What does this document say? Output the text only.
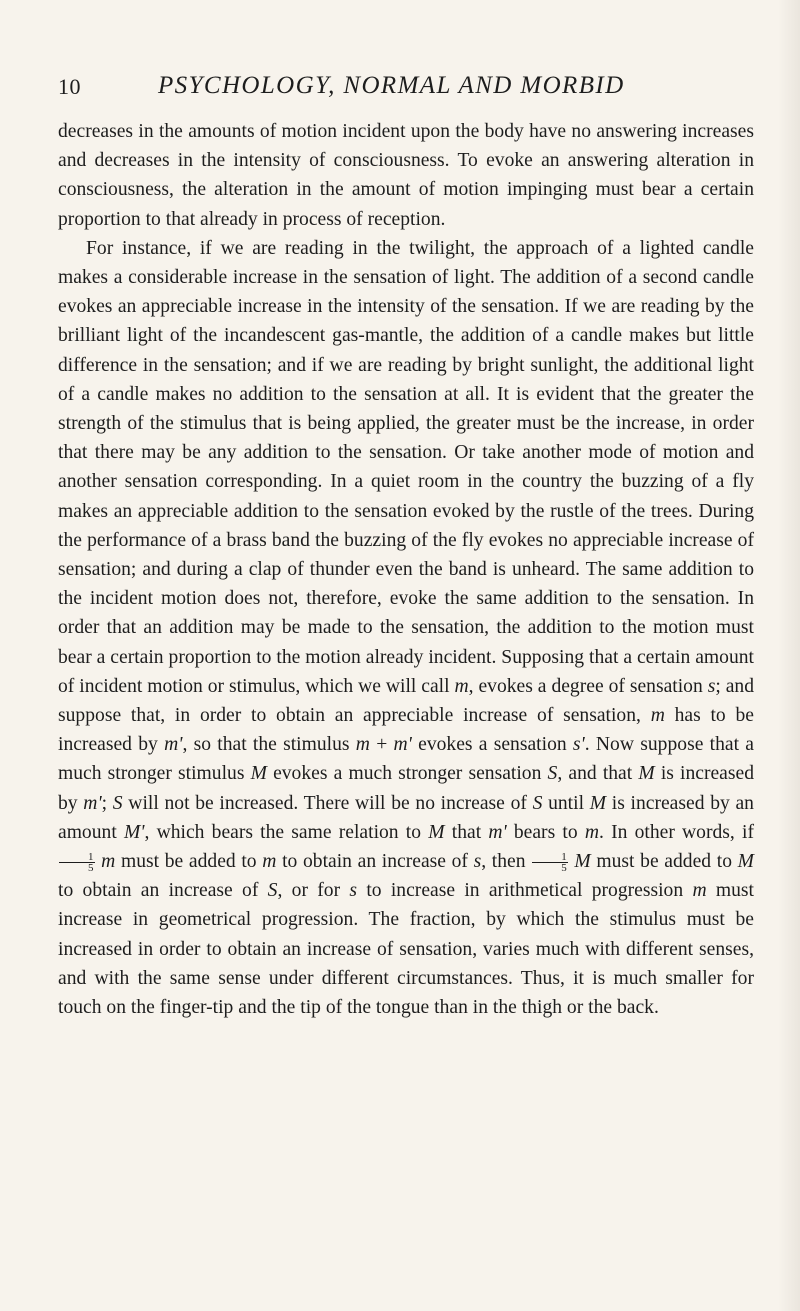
10	PSYCHOLOGY, NORMAL AND MORBID

decreases in the amounts of motion incident upon the body have no answering increases and decreases in the intensity of consciousness. To evoke an answering alteration in consciousness, the alteration in the amount of motion impinging must bear a certain proportion to that already in process of reception.

For instance, if we are reading in the twilight, the approach of a lighted candle makes a considerable increase in the sensation of light. The addition of a second candle evokes an appreciable increase in the intensity of the sensation. If we are reading by the brilliant light of the incandescent gas-mantle, the addition of a candle makes but little difference in the sensation; and if we are reading by bright sunlight, the additional light of a candle makes no addition to the sensation at all. It is evident that the greater the strength of the stimulus that is being applied, the greater must be the increase, in order that there may be any addition to the sensation. Or take another mode of motion and another sensation corresponding. In a quiet room in the country the buzzing of a fly makes an appreciable addition to the sensation evoked by the rustle of the trees. During the performance of a brass band the buzzing of the fly evokes no appreciable increase of sensation; and during a clap of thunder even the band is unheard. The same addition to the incident motion does not, therefore, evoke the same addition to the sensation. In order that an addition may be made to the sensation, the addition to the motion must bear a certain proportion to the motion already incident. Supposing that a certain amount of incident motion or stimulus, which we will call m, evokes a degree of sensation s; and suppose that, in order to obtain an appreciable increase of sensation, m has to be increased by m', so that the stimulus m + m' evokes a sensation s'. Now suppose that a much stronger stimulus M evokes a much stronger sensation S, and that M is increased by m'; S will not be increased. There will be no increase of S until M is increased by an amount M', which bears the same relation to M that m' bears to m. In other words, if
$\frac{1}{5}$ m must be added to m to obtain an increase of s, then $\frac{1}{5}$ M must be added to M to obtain an increase of S, or for s to increase in arithmetical progression m must increase in geometrical progression. The fraction, by which the stimulus must be increased in order to obtain an increase of sensation, varies much with different senses, and with the same sense under different circumstances. Thus, it is much smaller for touch on the finger-tip and the tip of the tongue than in the thigh or the back.
